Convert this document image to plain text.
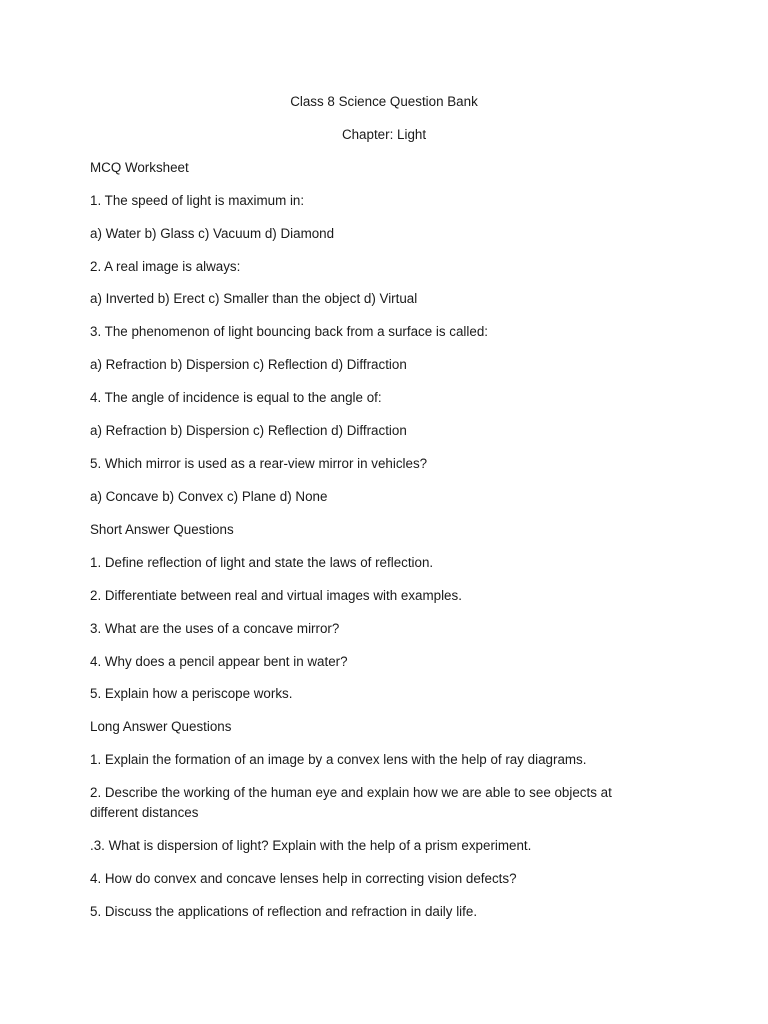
Class 8 Science Question Bank
Chapter: Light
MCQ Worksheet
1. The speed of light is maximum in:
a) Water b) Glass c) Vacuum d) Diamond
2. A real image is always:
a) Inverted b) Erect c) Smaller than the object d) Virtual
3. The phenomenon of light bouncing back from a surface is called:
a) Refraction b) Dispersion c) Reflection d) Diffraction
4. The angle of incidence is equal to the angle of:
a) Refraction b) Dispersion c) Reflection d) Diffraction
5. Which mirror is used as a rear-view mirror in vehicles?
a) Concave b) Convex c) Plane d) None
Short Answer Questions
1. Define reflection of light and state the laws of reflection.
2. Differentiate between real and virtual images with examples.
3. What are the uses of a concave mirror?
4. Why does a pencil appear bent in water?
5. Explain how a periscope works.
Long Answer Questions
1. Explain the formation of an image by a convex lens with the help of ray diagrams.
2. Describe the working of the human eye and explain how we are able to see objects at different distances
.3. What is dispersion of light? Explain with the help of a prism experiment.
4. How do convex and concave lenses help in correcting vision defects?
5. Discuss the applications of reflection and refraction in daily life.
